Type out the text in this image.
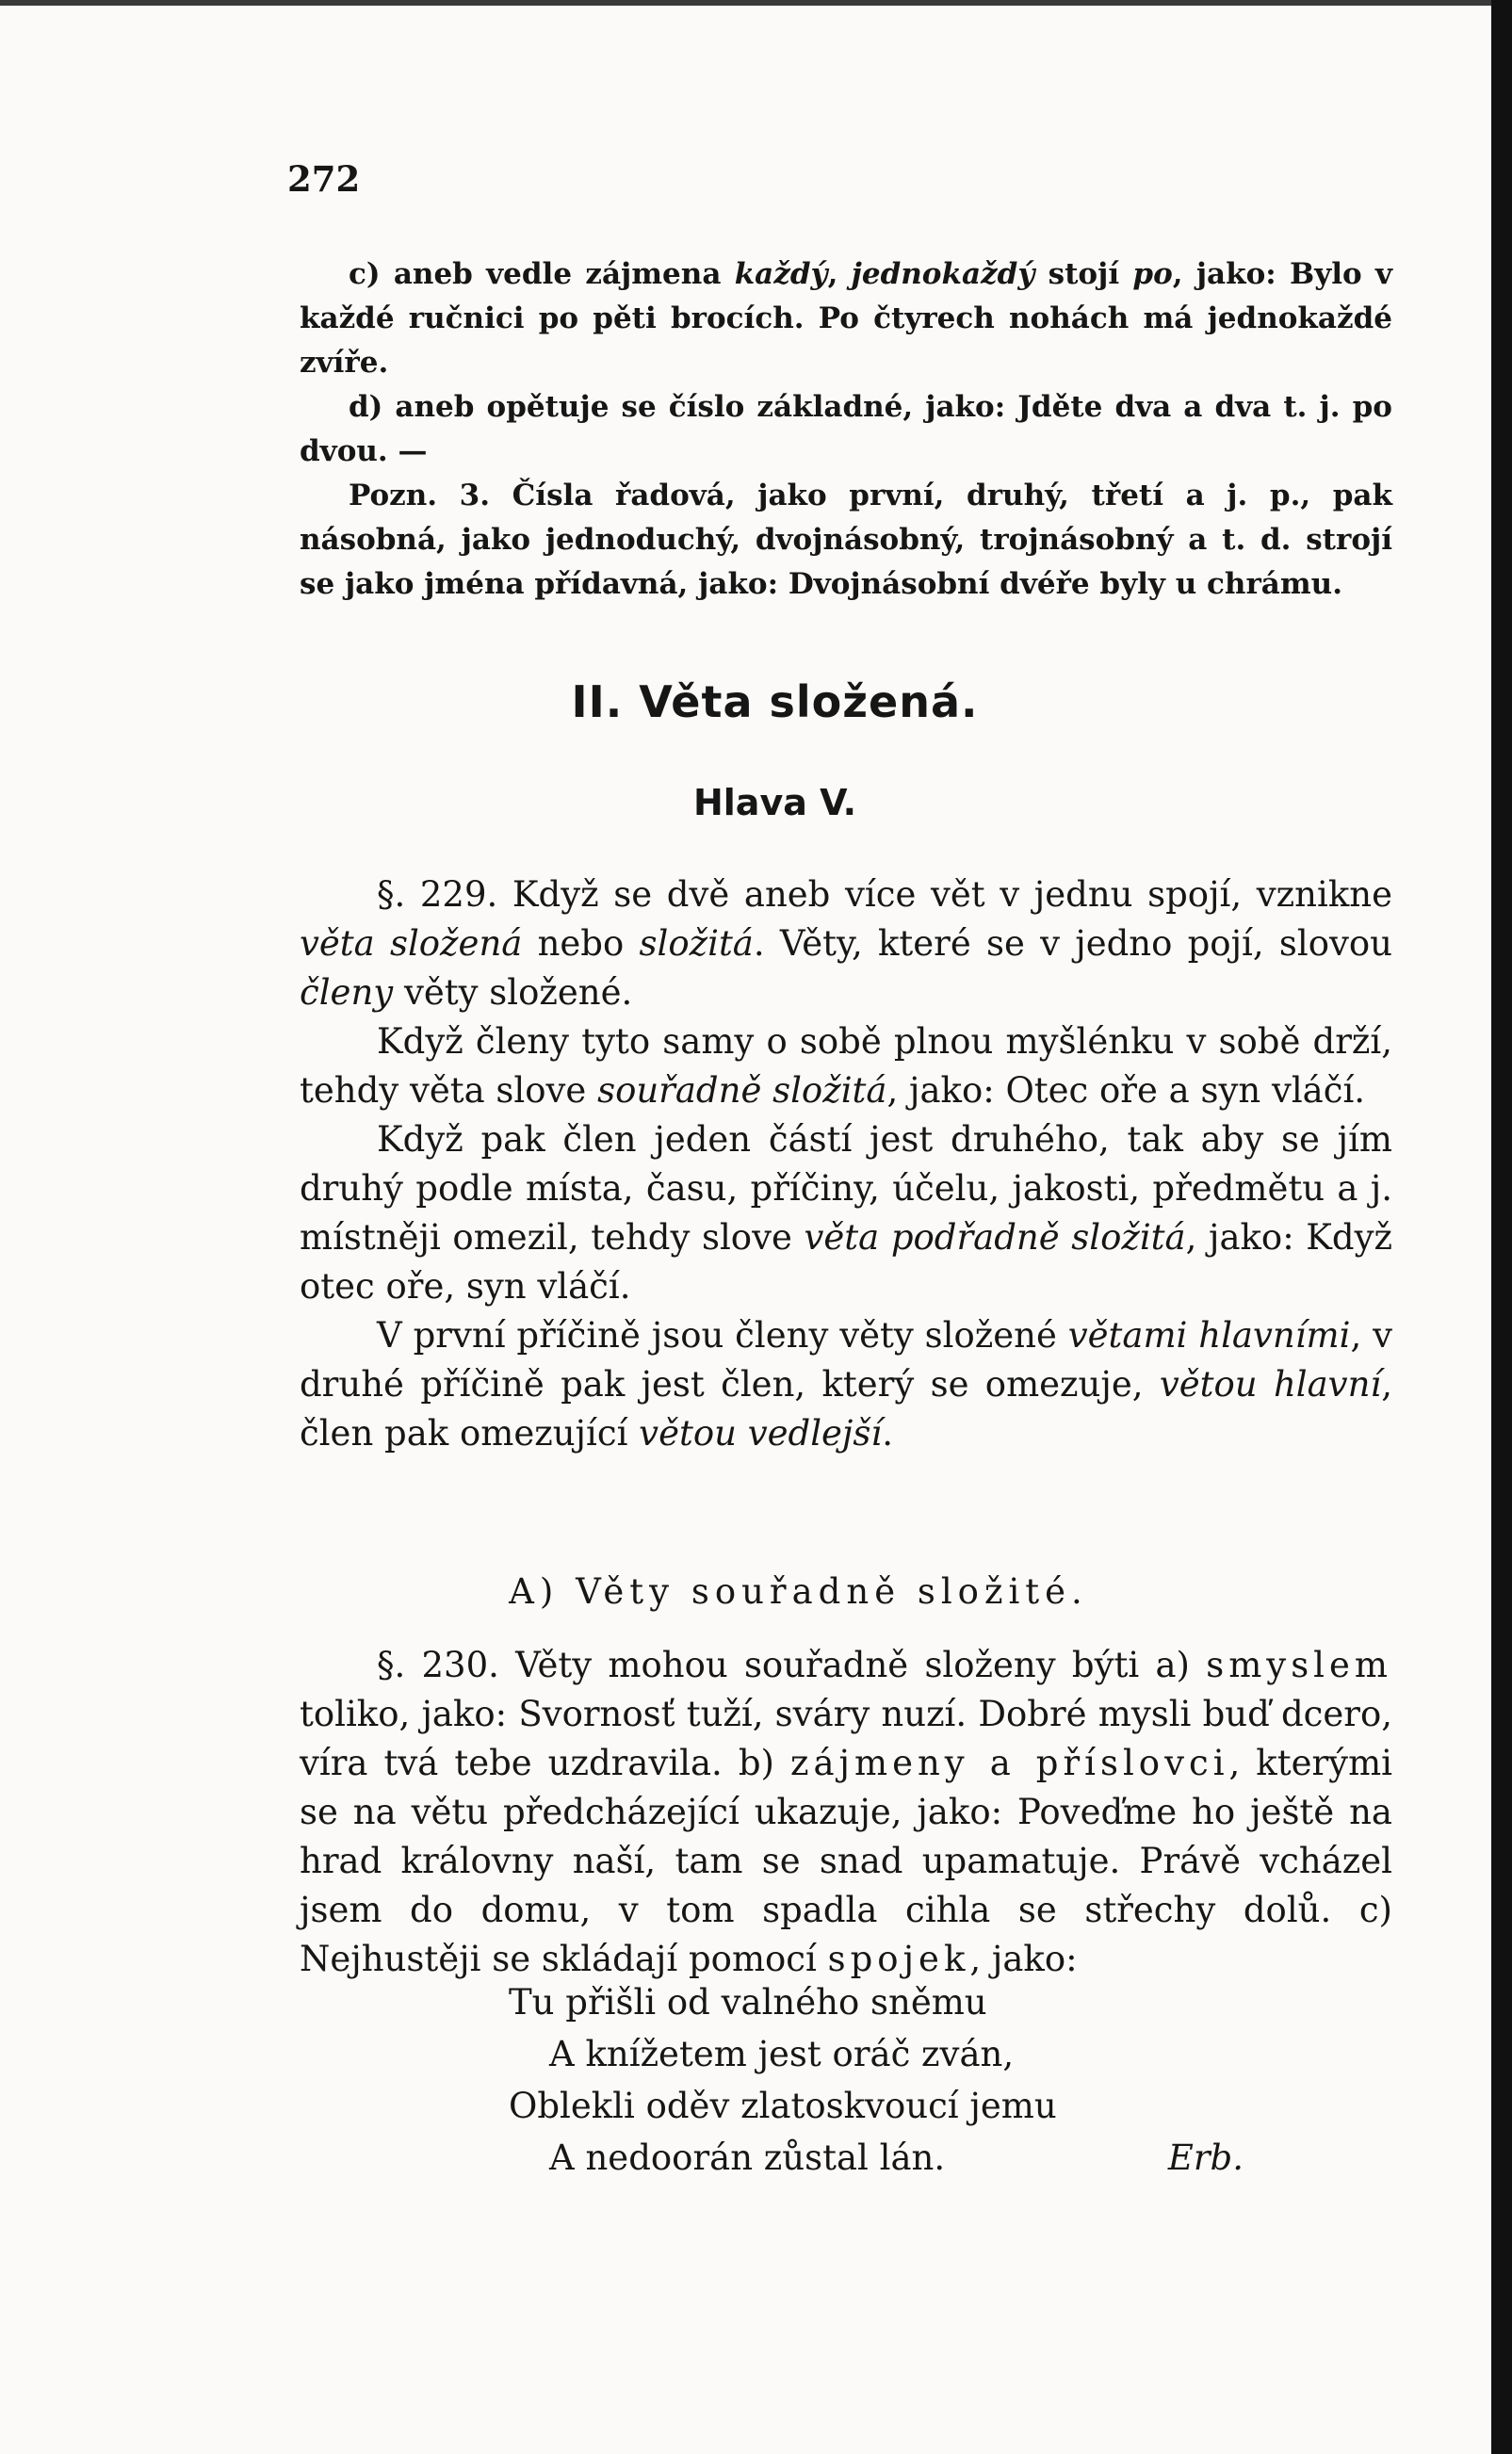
272

c) aneb vedle zájmena každý, jednokaždý stojí po, jako: Bylo v každé ručnici po pěti brocích. Po čtyrech nohách má jednokaždé zvíře.

d) aneb opětuje se číslo základné, jako: Jděte dva a dva t. j. po dvou. —

Pozn. 3. Čísla řadová, jako první, druhý, třetí a j. p., pak násobná, jako jednoduchý, dvojnásobný, trojnásobný a t. d. strojí se jako jména přídavná, jako: Dvojnásobní dvéře byly u chrámu.

II. Věta složená.
Hlava V.

§. 229. Když se dvě aneb více vět v jednu spojí, vznikne věta složená nebo složitá. Věty, které se v jedno pojí, slovou členy věty složené.

Když členy tyto samy o sobě plnou myšlénku v sobě drží, tehdy věta slove souřadně složitá, jako: Otec oře a syn vláčí.

Když pak člen jeden částí jest druhého, tak aby se jím druhý podle místa, času, příčiny, účelu, jakosti, předmětu a j. místněji omezil, tehdy slove věta podřadně složitá, jako: Když otec oře, syn vláčí.

V první příčině jsou členy věty složené větami hlavními, v druhé příčině pak jest člen, který se omezuje, větou hlavní, člen pak omezující větou vedlejší.

A) Věty souřadně složité.

§. 230. Věty mohou souřadně složeny býti a) smyslem toliko, jako: Svornosť tuží, sváry nuzí. Dobré mysli buď dcero, víra tvá tebe uzdravila. b) zájmeny a příslovci, kterými se na větu předcházející ukazuje, jako: Poveďme ho ještě na hrad královny naší, tam se snad upamatuje. Právě vcházel jsem do domu, v tom spadla cihla se střechy dolů. c) Nejhustěji se skládají pomocí spojek, jako:

Tu přišli od valného sněmu
A knížetem jest oráč zván,
Oblekli oděv zlatoskvoucí jemu
A nedoorán zůstal lán.	Erb.
